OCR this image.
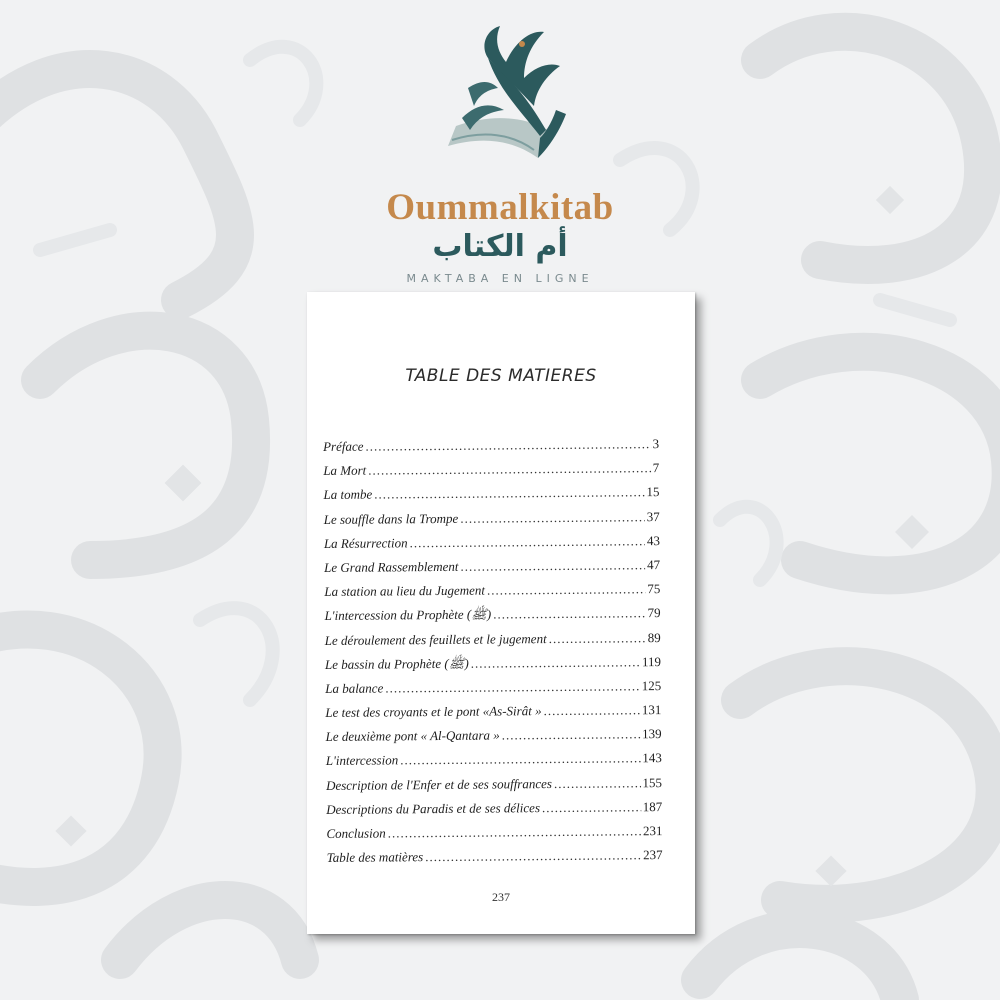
Oummalkitab
أم الكتاب
MAKTABA EN LIGNE
TABLE DES MATIERES
Préface .....	3
La Mort .....	7
La tombe .....	15
Le souffle dans la Trompe .....	37
La Résurrection .....	43
Le Grand Rassemblement .....	47
La station au lieu du Jugement .....	75
L'intercession du Prophète (ﷺ) .....	79
Le déroulement des feuillets et le jugement .....	89
Le bassin du Prophète (ﷺ) .....	119
La balance .....	125
Le test des croyants et le pont «As-Sirât » .....	131
Le deuxième pont « Al-Qantara » .....	139
L'intercession .....	143
Description de l'Enfer et de ses souffrances .....	155
Descriptions du Paradis et de ses délices .....	187
Conclusion .....	231
Table des matières .....	237
237
